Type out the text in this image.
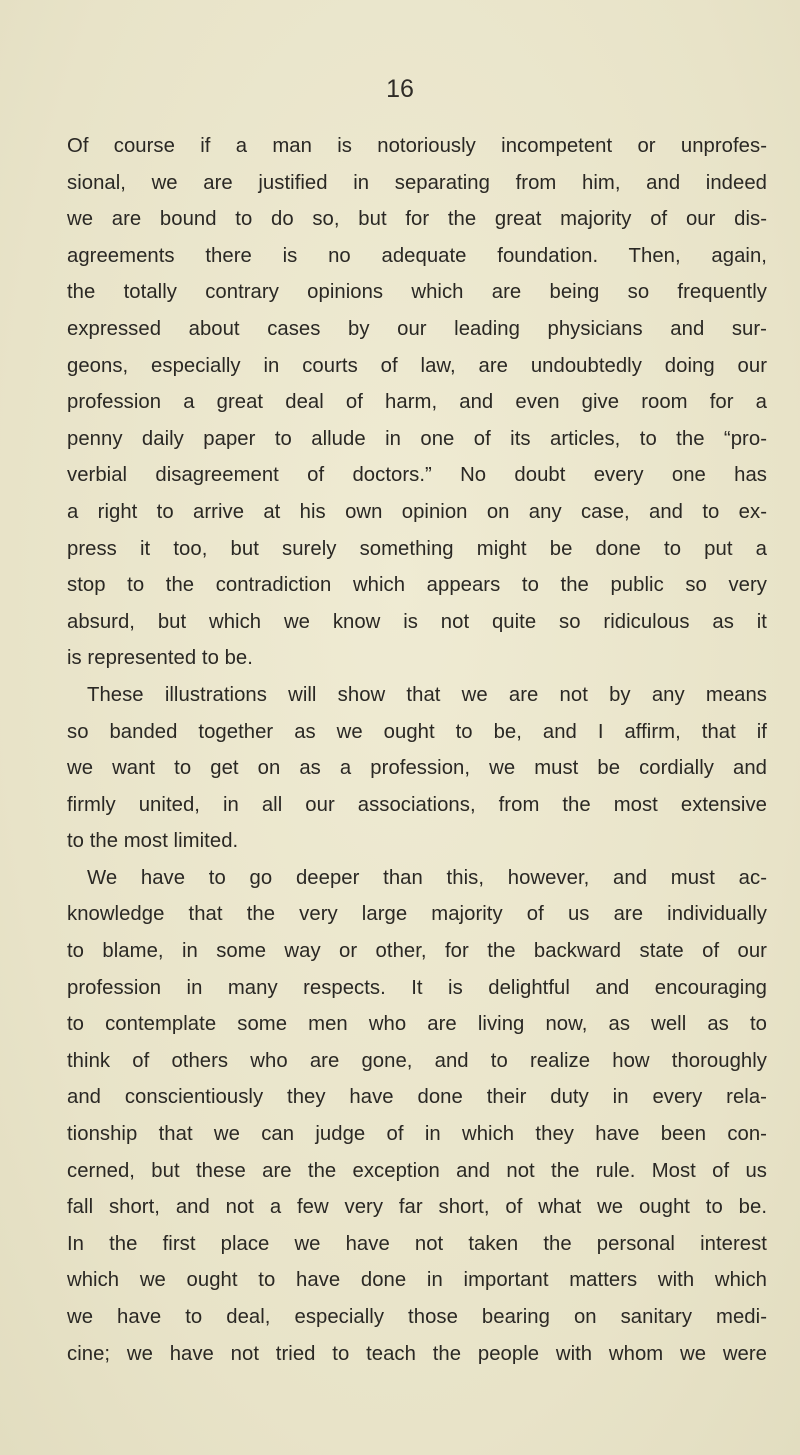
16
Of course if a man is notoriously incompetent or unprofes-
sional, we are justified in separating from him, and indeed
we are bound to do so, but for the great majority of our dis-
agreements there is no adequate foundation. Then, again,
the totally contrary opinions which are being so frequently
expressed about cases by our leading physicians and sur-
geons, especially in courts of law, are undoubtedly doing our
profession a great deal of harm, and even give room for a
penny daily paper to allude in one of its articles, to the “pro-
verbial disagreement of doctors.” No doubt every one has
a right to arrive at his own opinion on any case, and to ex-
press it too, but surely something might be done to put a
stop to the contradiction which appears to the public so very
absurd, but which we know is not quite so ridiculous as it
is represented to be.
These illustrations will show that we are not by any means
so banded together as we ought to be, and I affirm, that if
we want to get on as a profession, we must be cordially and
firmly united, in all our associations, from the most extensive
to the most limited.
We have to go deeper than this, however, and must ac-
knowledge that the very large majority of us are individually
to blame, in some way or other, for the backward state of our
profession in many respects. It is delightful and encouraging
to contemplate some men who are living now, as well as to
think of others who are gone, and to realize how thoroughly
and conscientiously they have done their duty in every rela-
tionship that we can judge of in which they have been con-
cerned, but these are the exception and not the rule. Most of us
fall short, and not a few very far short, of what we ought to be.
In the first place we have not taken the personal interest
which we ought to have done in important matters with which
we have to deal, especially those bearing on sanitary medi-
cine; we have not tried to teach the people with whom we were
